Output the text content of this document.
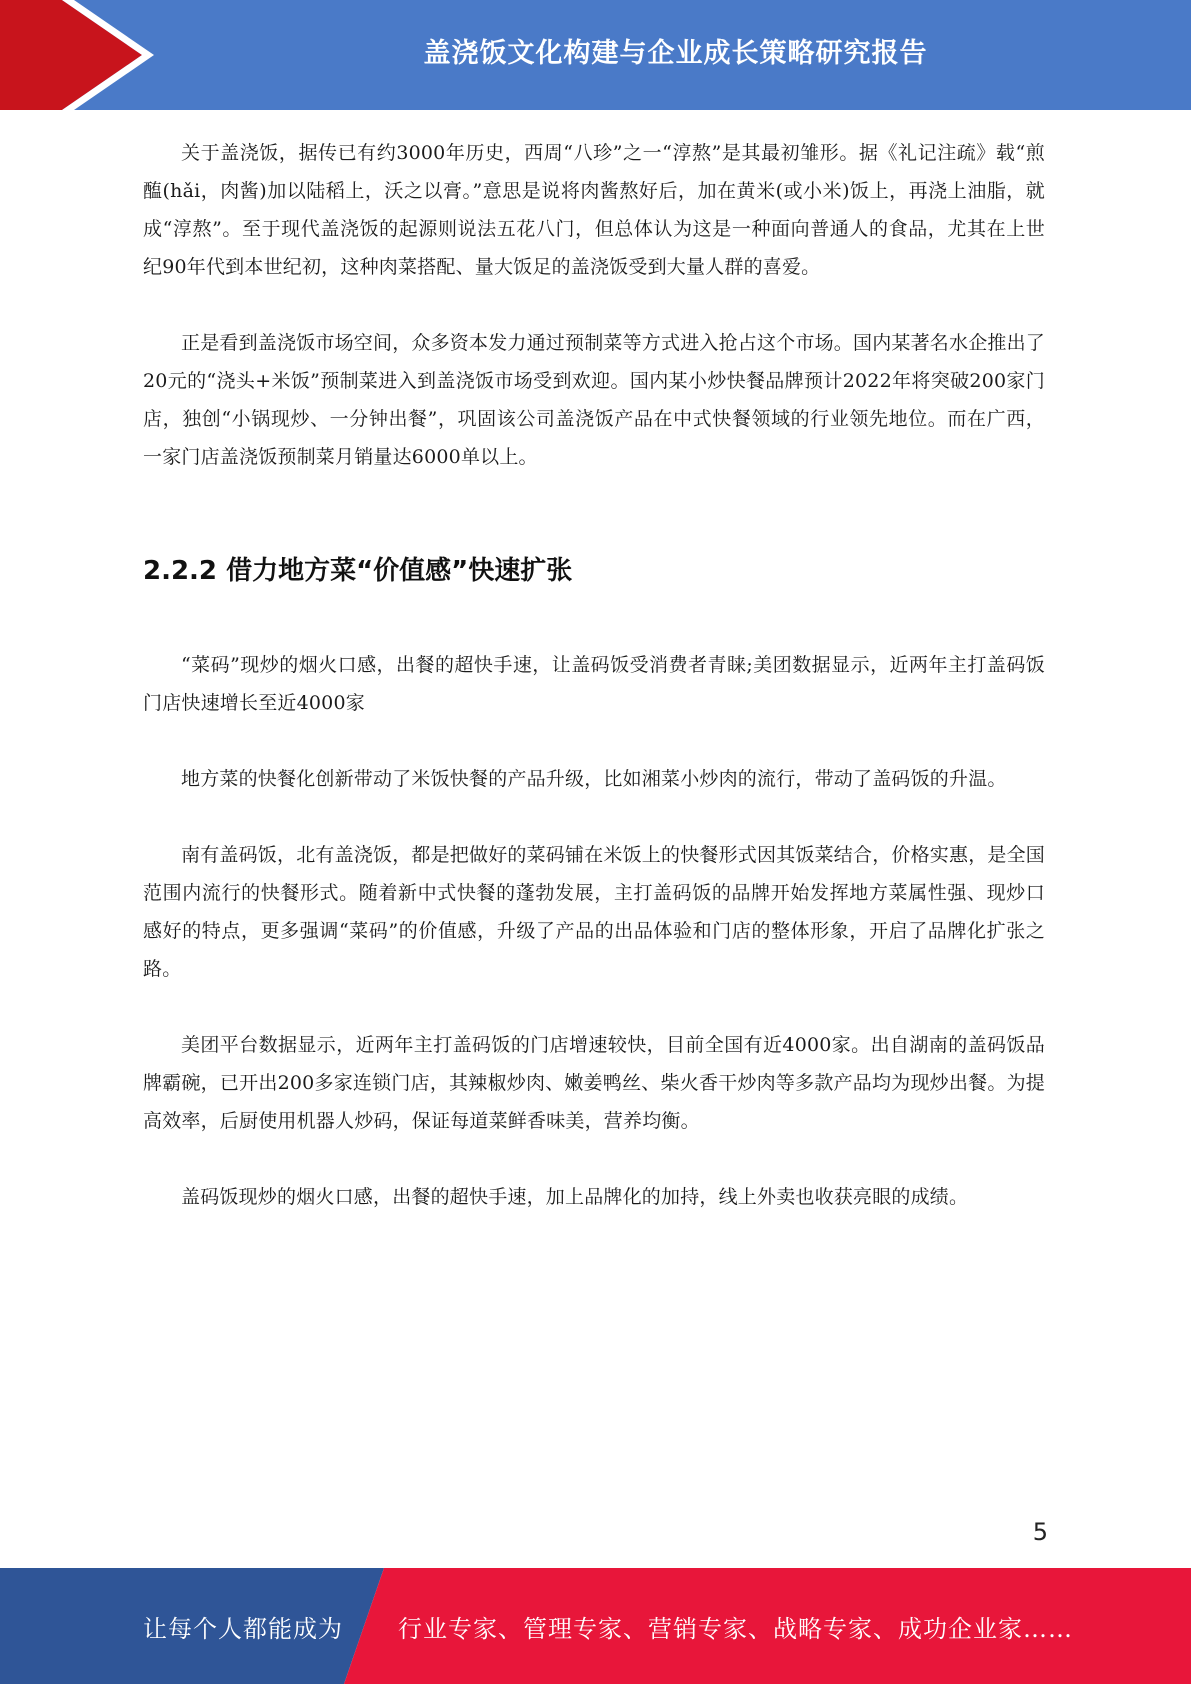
盖浇饭文化构建与企业成长策略研究报告

关于盖浇饭，据传已有约3000年历史，西周“八珍”之一“淳熬”是其最初雏形。据《礼记注疏》载“煎醢(hǎi，肉酱)加以陆稻上，沃之以膏。”意思是说将肉酱熬好后，加在黄米(或小米)饭上，再浇上油脂，就成“淳熬”。至于现代盖浇饭的起源则说法五花八门，但总体认为这是一种面向普通人的食品，尤其在上世纪90年代到本世纪初，这种肉菜搭配、量大饭足的盖浇饭受到大量人群的喜爱。

正是看到盖浇饭市场空间，众多资本发力通过预制菜等方式进入抢占这个市场。国内某著名水企推出了20元的“浇头+米饭”预制菜进入到盖浇饭市场受到欢迎。国内某小炒快餐品牌预计2022年将突破200家门店，独创“小锅现炒、一分钟出餐”，巩固该公司盖浇饭产品在中式快餐领域的行业领先地位。而在广西，一家门店盖浇饭预制菜月销量达6000单以上。

2.2.2 借力地方菜“价值感”快速扩张

“菜码”现炒的烟火口感，出餐的超快手速，让盖码饭受消费者青睐;美团数据显示，近两年主打盖码饭门店快速增长至近4000家

地方菜的快餐化创新带动了米饭快餐的产品升级，比如湘菜小炒肉的流行，带动了盖码饭的升温。

南有盖码饭，北有盖浇饭，都是把做好的菜码铺在米饭上的快餐形式因其饭菜结合，价格实惠，是全国范围内流行的快餐形式。随着新中式快餐的蓬勃发展，主打盖码饭的品牌开始发挥地方菜属性强、现炒口感好的特点，更多强调“菜码”的价值感，升级了产品的出品体验和门店的整体形象，开启了品牌化扩张之路。

美团平台数据显示，近两年主打盖码饭的门店增速较快，目前全国有近4000家。出自湖南的盖码饭品牌霸碗，已开出200多家连锁门店，其辣椒炒肉、嫩姜鸭丝、柴火香干炒肉等多款产品均为现炒出餐。为提高效率，后厨使用机器人炒码，保证每道菜鲜香味美，营养均衡。

盖码饭现炒的烟火口感，出餐的超快手速，加上品牌化的加持，线上外卖也收获亮眼的成绩。

5
让每个人都能成为 行业专家、管理专家、营销专家、战略专家、成功企业家……
